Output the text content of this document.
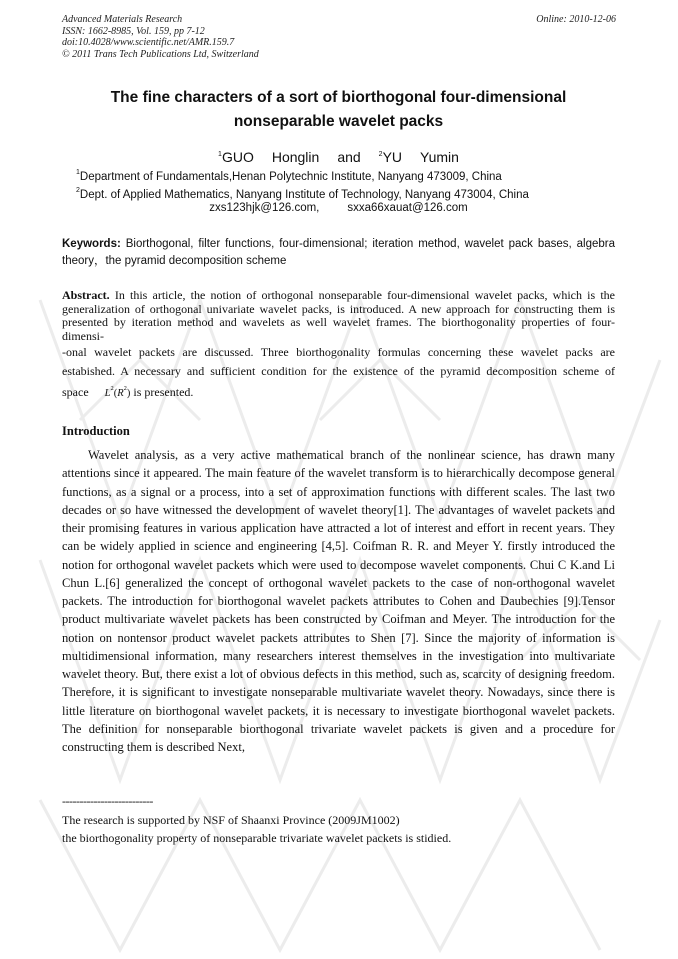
Advanced Materials Research
ISSN: 1662-8985, Vol. 159, pp 7-12
doi:10.4028/www.scientific.net/AMR.159.7
© 2011 Trans Tech Publications Ltd, Switzerland
Online: 2010-12-06
The fine characters of a sort of biorthogonal four-dimensional
nonseparable wavelet packs
$^1$GUO Honglin and	$^2$YU Yumin
$^1$Department of Fundamentals,Henan Polytechnic Institute, Nanyang 473009, China
$^2$Dept. of Applied Mathematics, Nanyang Institute of Technology, Nanyang 473004, China
zxs123hjk@126.com, sxxa66xauat@126.com
Keywords: Biorthogonal, filter functions, four-dimensional; iteration method, wavelet pack bases, algebra theory，the pyramid decomposition scheme

Abstract. In this article, the notion of orthogonal nonseparable four-dimensional wavelet packs, which is the generalization of orthogonal univariate wavelet packs, is introduced. A new approach for constructing them is presented by iteration method and wavelets as well wavelet frames. The biorthogonality properties of four-dimensi-

-onal wavelet packets are discussed. Three biorthogonality formulas concerning these wavelet packs are estabished. A necessary and sufficient condition for the existence of the pyramid decomposition scheme of space $L^2(R^2)$ is presented.

Introduction

Wavelet analysis, as a very active mathematical branch of the nonlinear science, has drawn many attentions since it appeared. The main feature of the wavelet transform is to hierarchically decompose general functions, as a signal or a process, into a set of approximation functions with different scales. The last two decades or so have witnessed the development of wavelet theory[1]. The advantages of wavelet packets and their promising features in various application have attracted a lot of interest and effort in recent years. They can be widely applied in science and engineering [4,5]. Coifman R. R. and Meyer Y. firstly introduced the notion for orthogonal wavelet packets which were used to decompose wavelet components. Chui C K.and Li Chun L.[6] generalized the concept of orthogonal wavelet packets to the case of non-orthogonal wavelet packets. The introduction for biorthogonal wavelet packets attributes to Cohen and Daubechies [9].Tensor product multivariate wavelet packets has been constructed by Coifman and Meyer. The introduction for the notion on nontensor product wavelet packets attributes to Shen [7]. Since the majority of information is multidimensional information, many researchers interest themselves in the investigation into multivariate wavelet theory. But, there exist a lot of obvious defects in this method, such as, scarcity of designing freedom. Therefore, it is significant to investigate nonseparable multivariate wavelet theory. Nowadays, since there is little literature on biorthogonal wavelet packets, it is necessary to investigate biorthogonal wavelet packets. The definition for nonseparable biorthogonal trivariate wavelet packets is given and a procedure for constructing them is described Next,

--------------------------
The research is supported by NSF of Shaanxi Province (2009JM1002)
the biorthogonality property of nonseparable trivariate wavelet packets is stidied.
